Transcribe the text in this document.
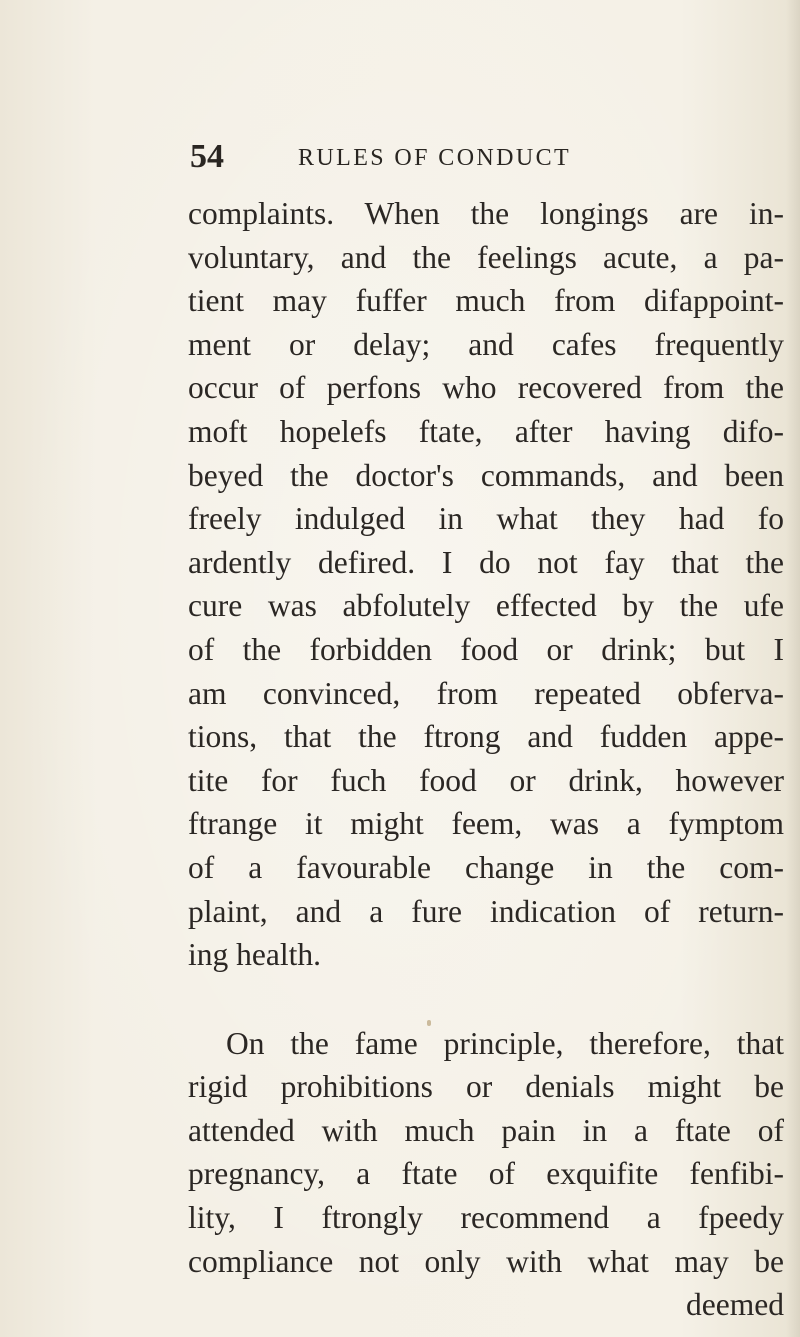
54	RULES OF CONDUCT
complaints. When the longings are in-
voluntary, and the feelings acute, a pa-
tient may fuffer much from difappoint-
ment or delay; and cafes frequently
occur of perfons who recovered from the
moft hopelefs ftate, after having difo-
beyed the doctor's commands, and been
freely indulged in what they had fo
ardently defired. I do not fay that the
cure was abfolutely effected by the ufe
of the forbidden food or drink; but I
am convinced, from repeated obferva-
tions, that the ftrong and fudden appe-
tite for fuch food or drink, however
ftrange it might feem, was a fymptom
of a favourable change in the com-
plaint, and a fure indication of return-
ing health.
On the fame principle, therefore, that
rigid prohibitions or denials might be
attended with much pain in a ftate of
pregnancy, a ftate of exquifite fenfibi-
lity, I ftrongly recommend a fpeedy
compliance not only with what may be
deemed
